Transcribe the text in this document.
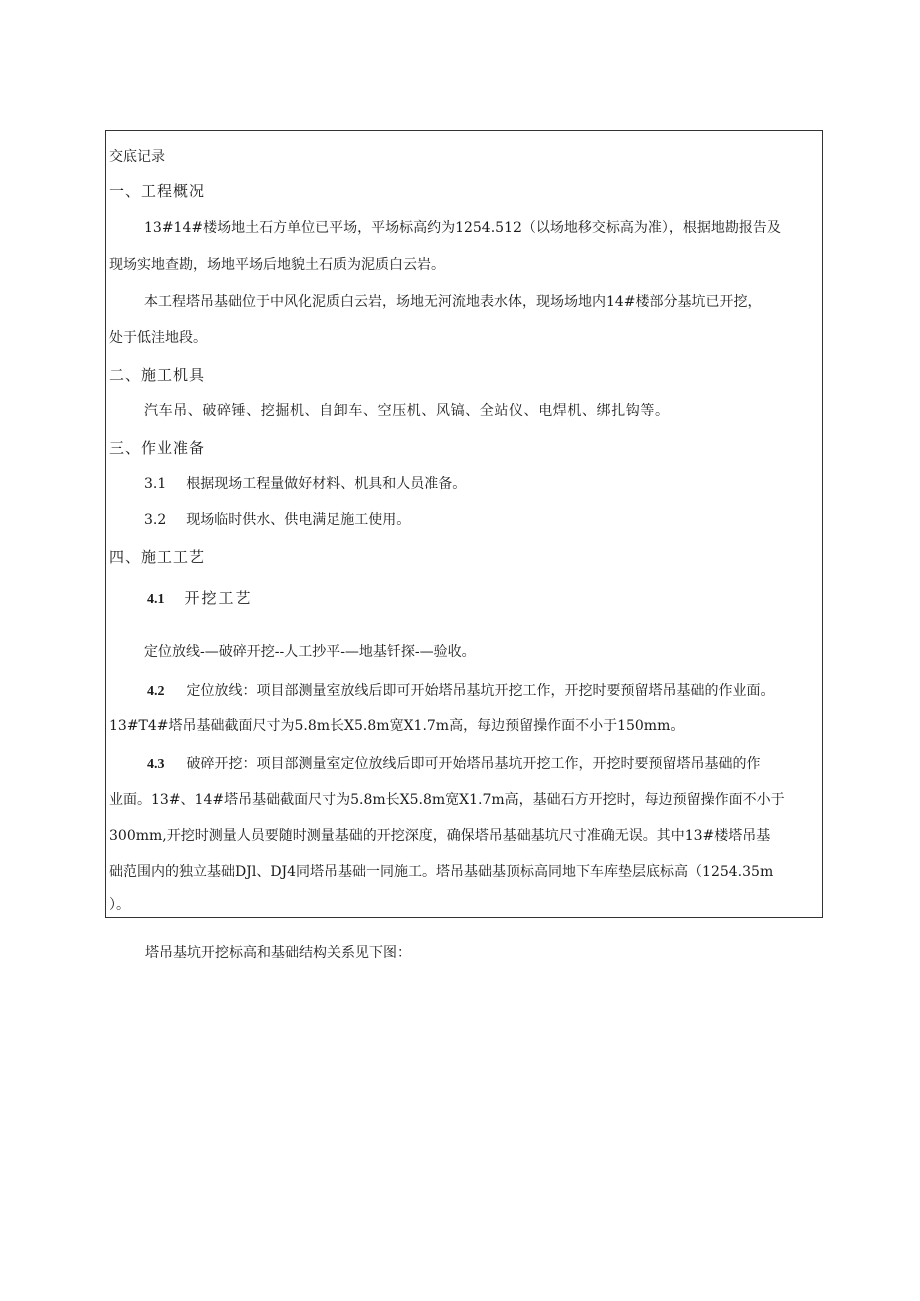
交底记录
一、工程概况
13#14#楼场地土石方单位已平场，平场标高约为1254.512（以场地移交标高为准），根据地勘报告及
现场实地查勘，场地平场后地貌土石质为泥质白云岩。
本工程塔吊基础位于中风化泥质白云岩，场地无河流地表水体，现场场地内14#楼部分基坑已开挖，
处于低洼地段。
二、施工机具
汽车吊、破碎锤、挖掘机、自卸车、空压机、风镐、全站仪、电焊机、绑扎钩等。
三、作业准备
3.1 根据现场工程量做好材料、机具和人员准备。
3.2 现场临时供水、供电满足施工使用。
四、施工工艺
4.1 开挖工艺
定位放线-—破碎开挖--人工抄平-—地基钎探-—验收。
4.2 定位放线：项目部测量室放线后即可开始塔吊基坑开挖工作，开挖时要预留塔吊基础的作业面。
13#T4#塔吊基础截面尺寸为5.8m长X5.8m宽X1.7m高，每边预留操作面不小于150mm。
4.3 破碎开挖：项目部测量室定位放线后即可开始塔吊基坑开挖工作，开挖时要预留塔吊基础的作
业面。13#、14#塔吊基础截面尺寸为5.8m长X5.8m宽X1.7m高，基础石方开挖时，每边预留操作面不小于
300mm,开挖时测量人员要随时测量基础的开挖深度，确保塔吊基础基坑尺寸准确无误。其中13#楼塔吊基
础范围内的独立基础DJl、DJ4同塔吊基础一同施工。塔吊基础基顶标高同地下车库垫层底标高（1254.35m
）。
塔吊基坑开挖标高和基础结构关系见下图：
